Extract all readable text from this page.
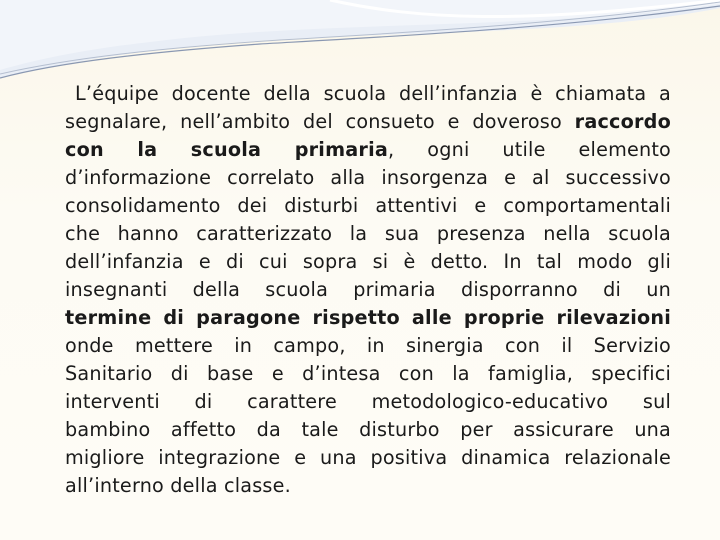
L’équipe docente della scuola dell’infanzia è chiamata a
segnalare, nell’ambito del consueto e doveroso raccordo
con la scuola primaria, ogni utile elemento
d’informazione correlato alla insorgenza e al successivo
consolidamento dei disturbi attentivi e comportamentali
che hanno caratterizzato la sua presenza nella scuola
dell’infanzia e di cui sopra si è detto. In tal modo gli
insegnanti della scuola primaria disporranno di un
termine di paragone rispetto alle proprie rilevazioni
onde mettere in campo, in sinergia con il Servizio
Sanitario di base e d’intesa con la famiglia, specifici
interventi di carattere metodologico-educativo sul
bambino affetto da tale disturbo per assicurare una
migliore integrazione e una positiva dinamica relazionale
all’interno della classe.
